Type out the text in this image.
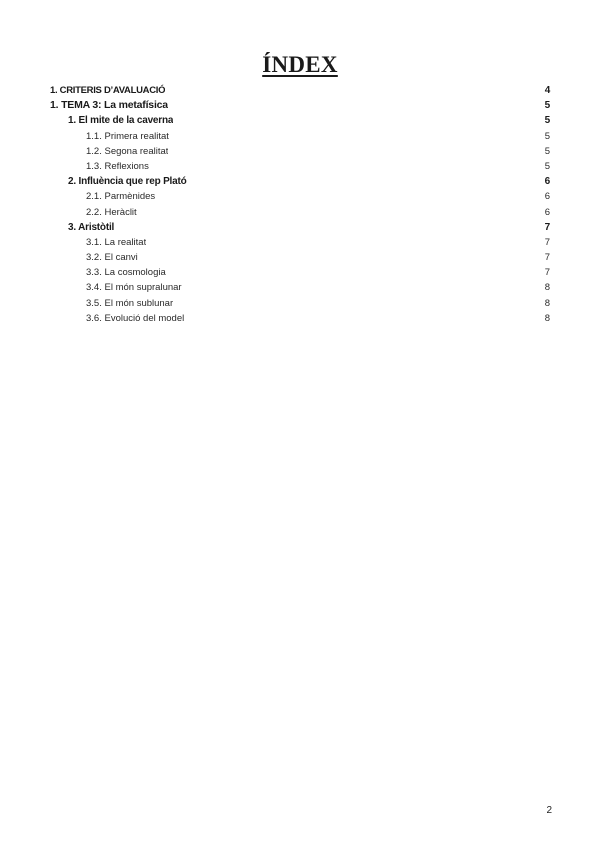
ÍNDEX
1. CRITERIS D’AVALUACIÓ	4
1. TEMA 3: La metafísica	5
1. El mite de la caverna	5
1.1. Primera realitat	5
1.2. Segona realitat	5
1.3. Reflexions	5
2. Influència que rep Plató	6
2.1. Parmènides	6
2.2. Heràclit	6
3. Aristòtil	7
3.1. La realitat	7
3.2. El canvi	7
3.3. La cosmologia	7
3.4. El món supralunar	8
3.5. El món sublunar	8
3.6. Evolució del model	8
2
